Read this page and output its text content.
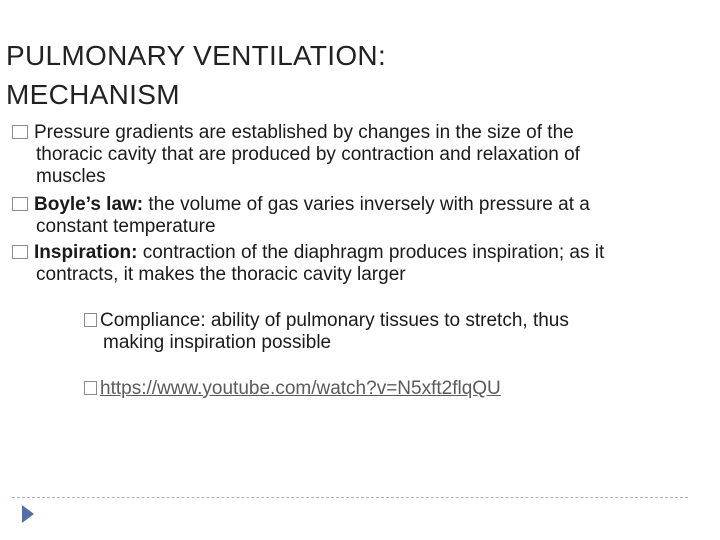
PULMONARY VENTILATION:
MECHANISM
Pressure gradients are established by changes in the size of the thoracic cavity that are produced by contraction and relaxation of muscles
Boyle’s law: the volume of gas varies inversely with pressure at a constant temperature
Inspiration: contraction of the diaphragm produces inspiration; as it contracts, it makes the thoracic cavity larger
Compliance: ability of pulmonary tissues to stretch, thus making inspiration possible
https://www.youtube.com/watch?v=N5xft2flqQU
